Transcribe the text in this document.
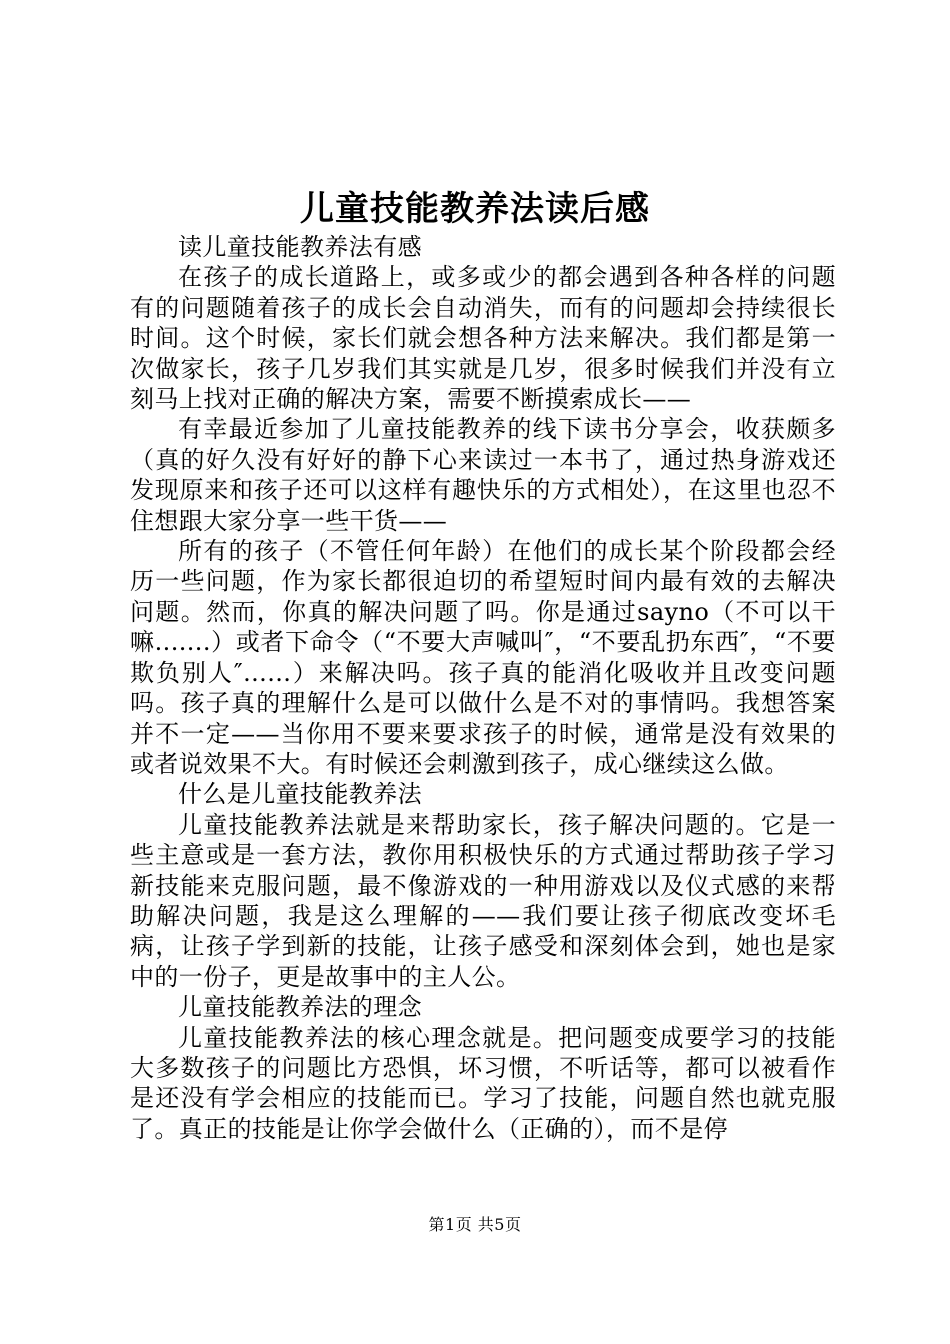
儿童技能教养法读后感

读儿童技能教养法有感

在孩子的成长道路上，或多或少的都会遇到各种各样的问题有的问题随着孩子的成长会自动消失，而有的问题却会持续很长时间。这个时候，家长们就会想各种方法来解决。我们都是第一次做家长，孩子几岁我们其实就是几岁，很多时候我们并没有立刻马上找对正确的解决方案，需要不断摸索成长——

有幸最近参加了儿童技能教养的线下读书分享会，收获颇多（真的好久没有好好的静下心来读过一本书了，通过热身游戏还发现原来和孩子还可以这样有趣快乐的方式相处），在这里也忍不住想跟大家分享一些干货——

所有的孩子（不管任何年龄）在他们的成长某个阶段都会经历一些问题，作为家长都很迫切的希望短时间内最有效的去解决问题。然而，你真的解决问题了吗。你是通过sayno（不可以干嘛.......）或者下命令（“不要大声喊叫″，“不要乱扔东西″，“不要欺负别人″......）来解决吗。孩子真的能消化吸收并且改变问题吗。孩子真的理解什么是可以做什么是不对的事情吗。我想答案并不一定——当你用不要来要求孩子的时候，通常是没有效果的或者说效果不大。有时候还会刺激到孩子，成心继续这么做。

什么是儿童技能教养法

儿童技能教养法就是来帮助家长，孩子解决问题的。它是一些主意或是一套方法，教你用积极快乐的方式通过帮助孩子学习新技能来克服问题，最不像游戏的一种用游戏以及仪式感的来帮助解决问题，我是这么理解的——我们要让孩子彻底改变坏毛病，让孩子学到新的技能，让孩子感受和深刻体会到，她也是家中的一份子，更是故事中的主人公。

儿童技能教养法的理念

儿童技能教养法的核心理念就是。把问题变成要学习的技能大多数孩子的问题比方恐惧，坏习惯，不听话等，都可以被看作是还没有学会相应的技能而已。学习了技能，问题自然也就克服了。真正的技能是让你学会做什么（正确的），而不是停

第1页 共5页
